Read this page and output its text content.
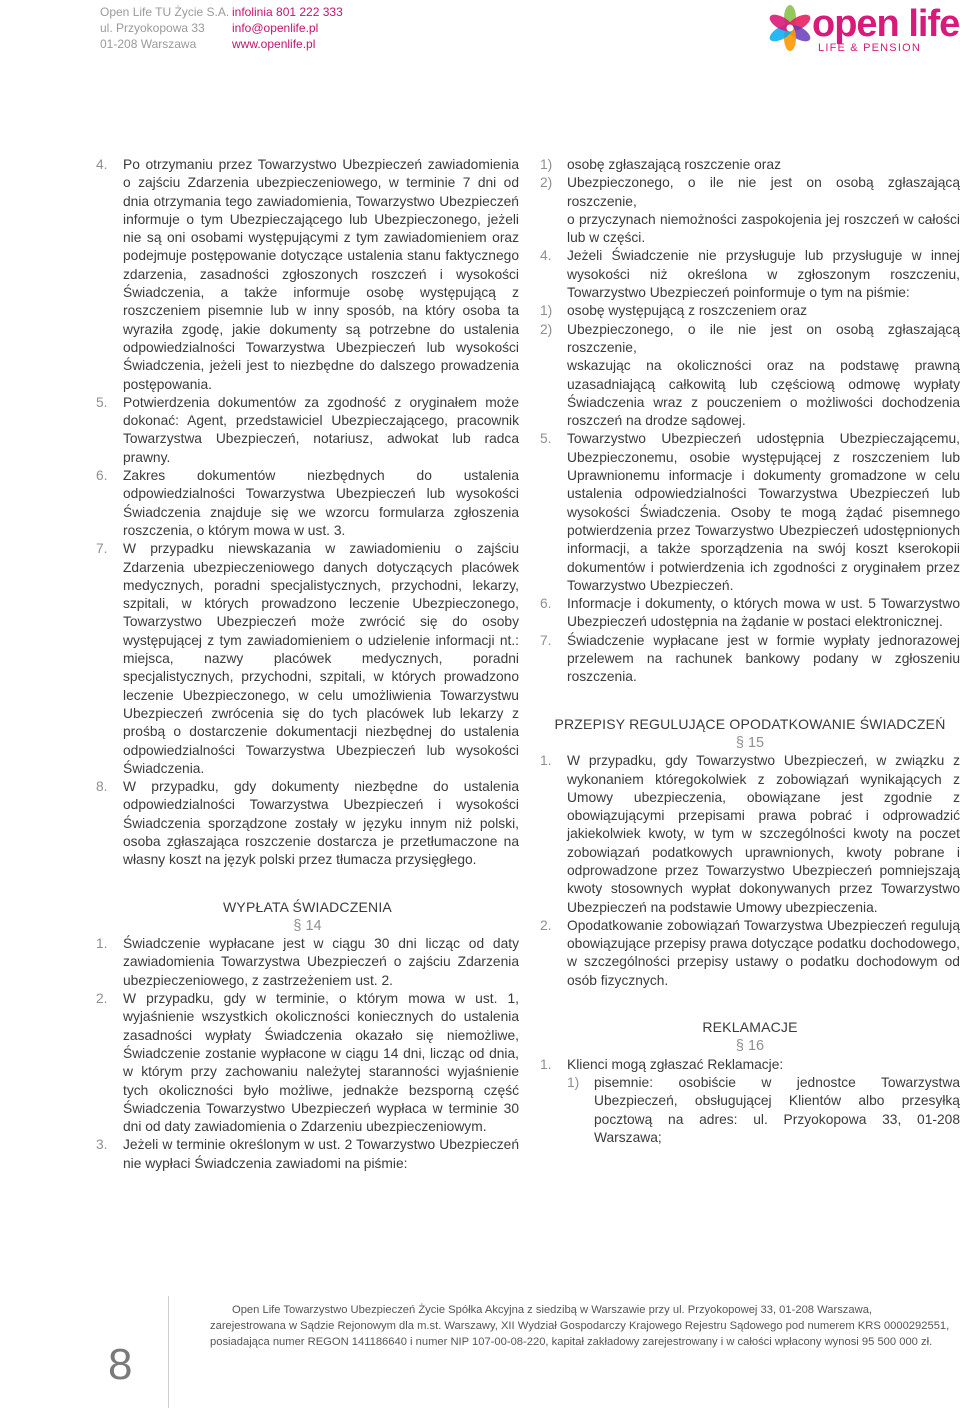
Open Life TU Życie S.A.
ul. Przyokopowa 33
01-208 Warszawa
infolinia 801 222 333
info@openlife.pl
www.openlife.pl	open life
LIFE & PENSION
4. Po otrzymaniu przez Towarzystwo Ubezpieczeń zawiadomienia o zajściu Zdarzenia ubezpieczeniowego, w terminie 7 dni od dnia otrzymania tego zawiadomienia, Towarzystwo Ubezpieczeń informuje o tym Ubezpieczającego lub Ubezpieczonego, jeżeli nie są oni osobami występującymi z tym zawiadomieniem oraz podejmuje postępowanie dotyczące ustalenia stanu faktycznego zdarzenia, zasadności zgłoszonych roszczeń i wysokości Świadczenia, a także informuje osobę występującą z roszczeniem pisemnie lub w inny sposób, na który osoba ta wyraziła zgodę, jakie dokumenty są potrzebne do ustalenia odpowiedzialności Towarzystwa Ubezpieczeń lub wysokości Świadczenia, jeżeli jest to niezbędne do dalszego prowadzenia postępowania.

5. Potwierdzenia dokumentów za zgodność z oryginałem może dokonać: Agent, przedstawiciel Ubezpieczającego, pracownik Towarzystwa Ubezpieczeń, notariusz, adwokat lub radca prawny.

6. Zakres dokumentów niezbędnych do ustalenia odpowiedzialności Towarzystwa Ubezpieczeń lub wysokości Świadczenia znajduje się we wzorcu formularza zgłoszenia roszczenia, o którym mowa w ust. 3.

7. W przypadku niewskazania w zawiadomieniu o zajściu Zdarzenia ubezpieczeniowego danych dotyczących placówek medycznych, poradni specjalistycznych, przychodni, lekarzy, szpitali, w których prowadzono leczenie Ubezpieczonego, Towarzystwo Ubezpieczeń może zwrócić się do osoby występującej z tym zawiadomieniem o udzielenie informacji nt.: miejsca, nazwy placówek medycznych, poradni specjalistycznych, przychodni, szpitali, w których prowadzono leczenie Ubezpieczonego, w celu umożliwienia Towarzystwu Ubezpieczeń zwrócenia się do tych placówek lub lekarzy z prośbą o dostarczenie dokumentacji niezbędnej do ustalenia odpowiedzialności Towarzystwa Ubezpieczeń lub wysokości Świadczenia.

8. W przypadku, gdy dokumenty niezbędne do ustalenia odpowiedzialności Towarzystwa Ubezpieczeń i wysokości Świadczenia sporządzone zostały w języku innym niż polski, osoba zgłaszająca roszczenie dostarcza je przetłumaczone na własny koszt na język polski przez tłumacza przysięgłego.

WYPŁATA ŚWIADCZENIA
§ 14
1. Świadczenie wypłacane jest w ciągu 30 dni licząc od daty zawiadomienia Towarzystwa Ubezpieczeń o zajściu Zdarzenia ubezpieczeniowego, z zastrzeżeniem ust. 2.

2. W przypadku, gdy w terminie, o którym mowa w ust. 1, wyjaśnienie wszystkich okoliczności koniecznych do ustalenia zasadności wypłaty Świadczenia okazało się niemożliwe, Świadczenie zostanie wypłacone w ciągu 14 dni, licząc od dnia, w którym przy zachowaniu należytej staranności wyjaśnienie tych okoliczności było możliwe, jednakże bezsporną część Świadczenia Towarzystwo Ubezpieczeń wypłaca w terminie 30 dni od daty zawiadomienia o Zdarzeniu ubezpieczeniowym.

3. Jeżeli w terminie określonym w ust. 2 Towarzystwo Ubezpieczeń nie wypłaci Świadczenia zawiadomi na piśmie:

1) osobę zgłaszającą roszczenie oraz

2) Ubezpieczonego, o ile nie jest on osobą zgłaszającą roszczenie,

o przyczynach niemożności zaspokojenia jej roszczeń w całości lub w części.

4. Jeżeli Świadczenie nie przysługuje lub przysługuje w innej wysokości niż określona w zgłoszonym roszczeniu, Towarzystwo Ubezpieczeń poinformuje o tym na piśmie:

1) osobę występującą z roszczeniem oraz

2) Ubezpieczonego, o ile nie jest on osobą zgłaszającą roszczenie,

wskazując na okoliczności oraz na podstawę prawną uzasadniającą całkowitą lub częściową odmowę wypłaty Świadczenia wraz z pouczeniem o możliwości dochodzenia roszczeń na drodze sądowej.

5. Towarzystwo Ubezpieczeń udostępnia Ubezpieczającemu, Ubezpieczonemu, osobie występującej z roszczeniem lub Uprawnionemu informacje i dokumenty gromadzone w celu ustalenia odpowiedzialności Towarzystwa Ubezpieczeń lub wysokości Świadczenia. Osoby te mogą żądać pisemnego potwierdzenia przez Towarzystwo Ubezpieczeń udostępnionych informacji, a także sporządzenia na swój koszt kserokopii dokumentów i potwierdzenia ich zgodności z oryginałem przez Towarzystwo Ubezpieczeń.

6. Informacje i dokumenty, o których mowa w ust. 5 Towarzystwo Ubezpieczeń udostępnia na żądanie w postaci elektronicznej.

7. Świadczenie wypłacane jest w formie wypłaty jednorazowej przelewem na rachunek bankowy podany w zgłoszeniu roszczenia.

PRZEPISY REGULUJĄCE OPODATKOWANIE ŚWIADCZEŃ
§ 15
1. W przypadku, gdy Towarzystwo Ubezpieczeń, w związku z wykonaniem któregokolwiek z zobowiązań wynikających z Umowy ubezpieczenia, obowiązane jest zgodnie z obowiązującymi przepisami prawa pobrać i odprowadzić jakiekolwiek kwoty, w tym w szczególności kwoty na poczet zobowiązań podatkowych uprawnionych, kwoty pobrane i odprowadzone przez Towarzystwo Ubezpieczeń pomniejszają kwoty stosownych wypłat dokonywanych przez Towarzystwo Ubezpieczeń na podstawie Umowy ubezpieczenia.

2. Opodatkowanie zobowiązań Towarzystwa Ubezpieczeń regulują obowiązujące przepisy prawa dotyczące podatku dochodowego, w szczególności przepisy ustawy o podatku dochodowym od osób fizycznych.

REKLAMACJE
§ 16
1. Klienci mogą zgłaszać Reklamacje:

1) pisemnie: osobiście w jednostce Towarzystwa Ubezpieczeń, obsługującej Klientów albo przesyłką pocztową na adres: ul. Przyokopowa 33, 01-208 Warszawa;

8
Open Life Towarzystwo Ubezpieczeń Życie Spółka Akcyjna z siedzibą w Warszawie przy ul. Przyokopowej 33, 01-208 Warszawa,
zarejestrowana w Sądzie Rejonowym dla m.st. Warszawy, XII Wydział Gospodarczy Krajowego Rejestru Sądowego pod numerem KRS 0000292551,
posiadająca numer REGON 141186640 i numer NIP 107-00-08-220, kapitał zakładowy zarejestrowany i w całości wpłacony wynosi 95 500 000 zł.
